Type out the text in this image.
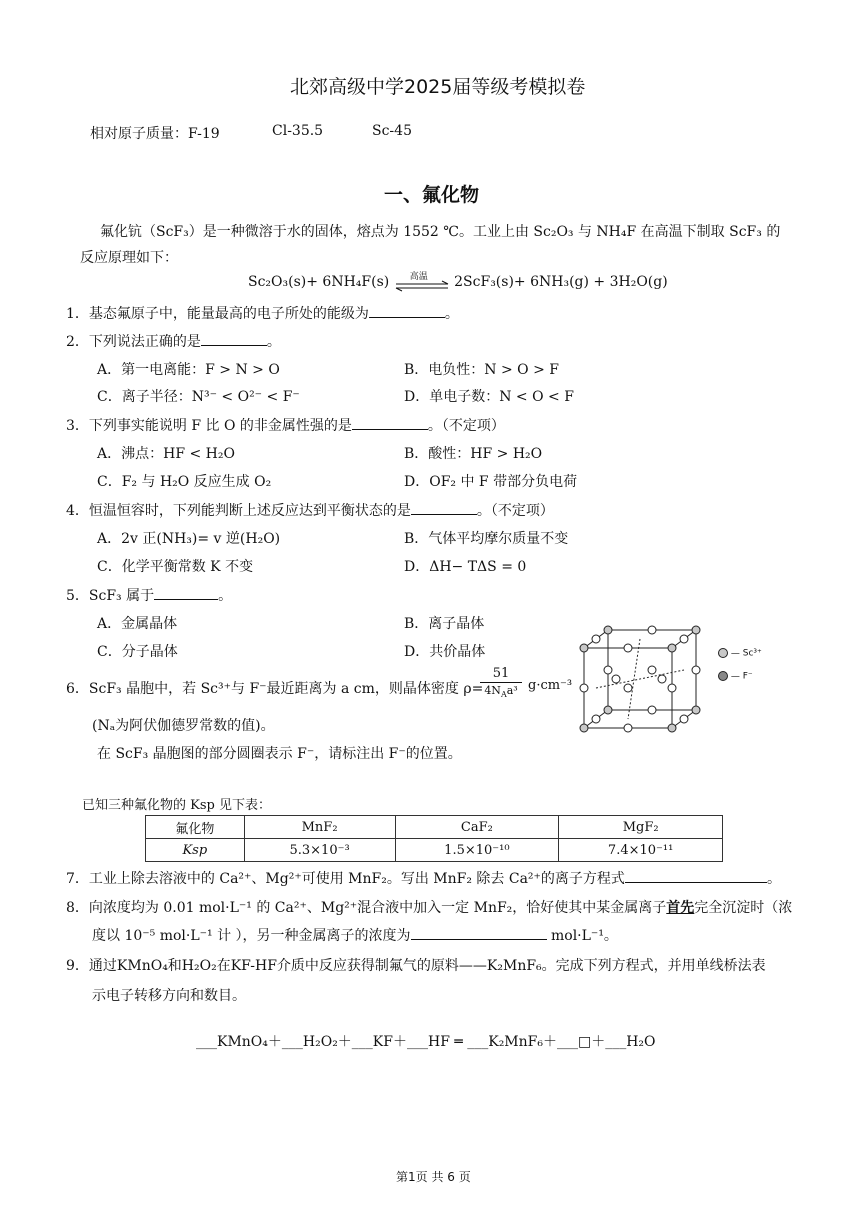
北郊高级中学2025届等级考模拟卷
相对原子质量：F-19	Cl-35.5	Sc-45
一、氟化物
氟化钪（ScF₃）是一种微溶于水的固体，熔点为 1552 ℃。工业上由 Sc₂O₃ 与 NH₄F 在高温下制取 ScF₃ 的
反应原理如下：
Sc₂O₃(s)+ 6NH₄F(s) 高温 2ScF₃(s)+ 6NH₃(g) + 3H₂O(g)
1．基态氟原子中，能量最高的电子所处的能级为	。
2．下列说法正确的是	。
A．第一电离能：F > N > O	B．电负性：N > O > F
C．离子半径：N³⁻ < O²⁻ < F⁻	D．单电子数：N < O < F
3．下列事实能说明 F 比 O 的非金属性强的是	。（不定项）
A．沸点：HF < H₂O	B．酸性：HF > H₂O
C．F₂ 与 H₂O 反应生成 O₂	D．OF₂ 中 F 带部分负电荷
4．恒温恒容时，下列能判断上述反应达到平衡状态的是	。（不定项）
A．2v 正(NH₃)= v 逆(H₂O)	B．气体平均摩尔质量不变
C．化学平衡常数 K 不变	D．ΔH− TΔS = 0
5．ScF₃ 属于	。
A．金属晶体	B．离子晶体
C．分子晶体	D．共价晶体
6．ScF₃ 晶胞中，若 Sc³⁺与 F⁻最近距离为 a cm，则晶体密度 ρ=
51
$4N_Aa^3$ g·cm⁻³
(Nₐ为阿伏伽德罗常数的值)。
在 ScF₃ 晶胞图的部分圆圈表示 F⁻，请标注出 F⁻的位置。
— Sc³⁺
— F⁻
已知三种氟化物的 Ksp 见下表：
氟化物	MnF₂	CaF₂	MgF₂
Ksp	5.3×10⁻³	1.5×10⁻¹⁰	7.4×10⁻¹¹
7．工业上除去溶液中的 Ca²⁺、Mg²⁺可使用 MnF₂。写出 MnF₂ 除去 Ca²⁺的离子方程式	。
8．向浓度均为 0.01 mol·L⁻¹ 的 Ca²⁺、Mg²⁺混合液中加入一定 MnF₂，恰好使其中某金属离子首先完全沉淀时（浓
度以 10⁻⁵ mol·L⁻¹ 计 ），另一种金属离子的浓度为	mol·L⁻¹。
9．通过KMnO₄和H₂O₂在KF-HF介质中反应获得制氟气的原料——K₂MnF₆。完成下列方程式，并用单线桥法表
示电子转移方向和数目。
___KMnO₄＋___H₂O₂＋___KF＋___HF ═ ___K₂MnF₆＋___□＋___H₂O
第1页 共 6 页
